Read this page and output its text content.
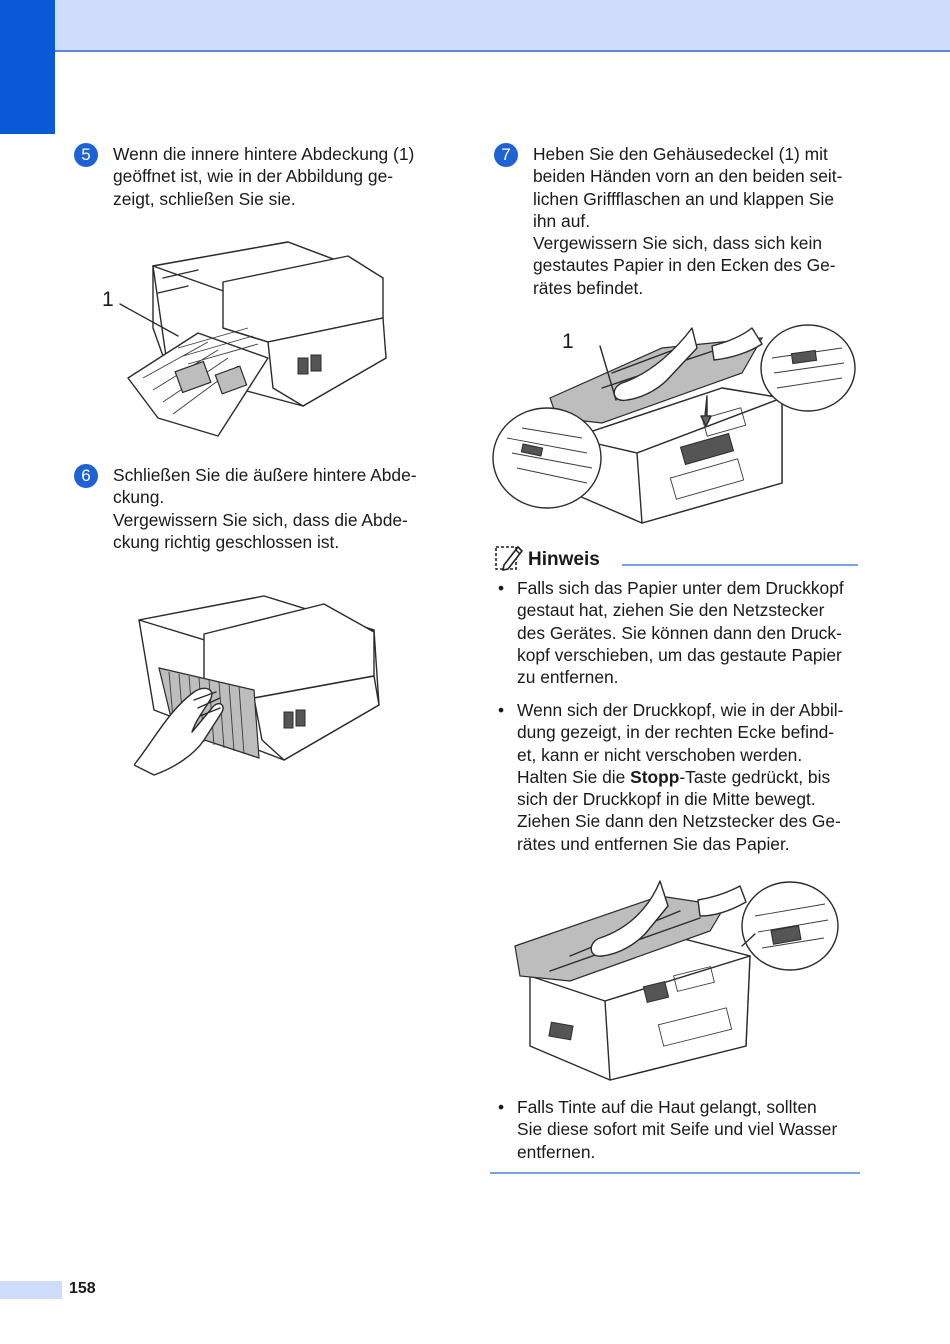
5	Wenn die innere hintere Abdeckung (1)
geöffnet ist, wie in der Abbildung ge-
zeigt, schließen Sie sie.
1
6	Schließen Sie die äußere hintere Abde-
ckung.
Vergewissern Sie sich, dass die Abde-
ckung richtig geschlossen ist.
7	Heben Sie den Gehäusedeckel (1) mit
beiden Händen vorn an den beiden seit-
lichen Griffflaschen an und klappen Sie
ihn auf.
Vergewissern Sie sich, dass sich kein
gestautes Papier in den Ecken des Ge-
rätes befindet.
1
Hinweis
• Falls sich das Papier unter dem Druckkopf
gestaut hat, ziehen Sie den Netzstecker
des Gerätes. Sie können dann den Druck-
kopf verschieben, um das gestaute Papier
zu entfernen.
• Wenn sich der Druckkopf, wie in der Abbil-
dung gezeigt, in der rechten Ecke befind-
et, kann er nicht verschoben werden.
Halten Sie die Stopp-Taste gedrückt, bis
sich der Druckkopf in die Mitte bewegt.
Ziehen Sie dann den Netzstecker des Ge-
rätes und entfernen Sie das Papier.
• Falls Tinte auf die Haut gelangt, sollten
Sie diese sofort mit Seife und viel Wasser
entfernen.
158
